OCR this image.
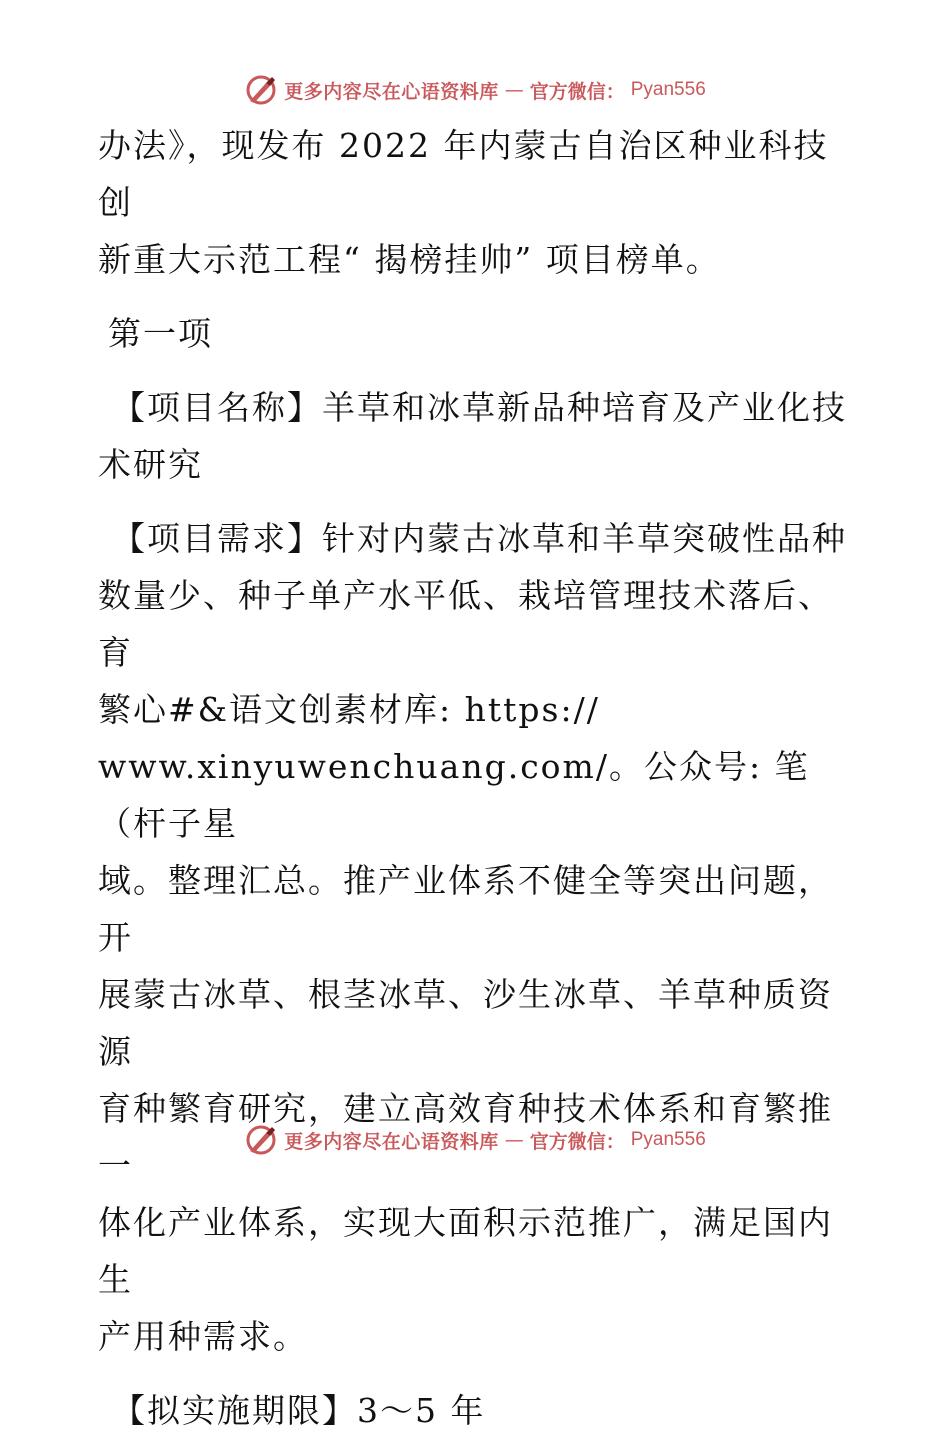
更多内容尽在心语资料库 — 官方微信： Pyan556

办法》，现发布 2022 年内蒙古自治区种业科技创
新重大示范工程“ 揭榜挂帅” 项目榜单。

第一项

【项目名称】羊草和冰草新品种培育及产业化技
术研究

【项目需求】针对内蒙古冰草和羊草突破性品种
数量少、种子单产水平低、栽培管理技术落后、育
繁心#&语文创素材库: https://
www.xinyuwenchuang.com/。公众号: 笔（杆子星
域。整理汇总。推产业体系不健全等突出问题，开
展蒙古冰草、根茎冰草、沙生冰草、羊草种质资源
育种繁育研究，建立高效育种技术体系和育繁推一
体化产业体系，实现大面积示范推广，满足国内生
产用种需求。

【拟实施期限】3～5 年

更多内容尽在心语资料库 — 官方微信： Pyan556
